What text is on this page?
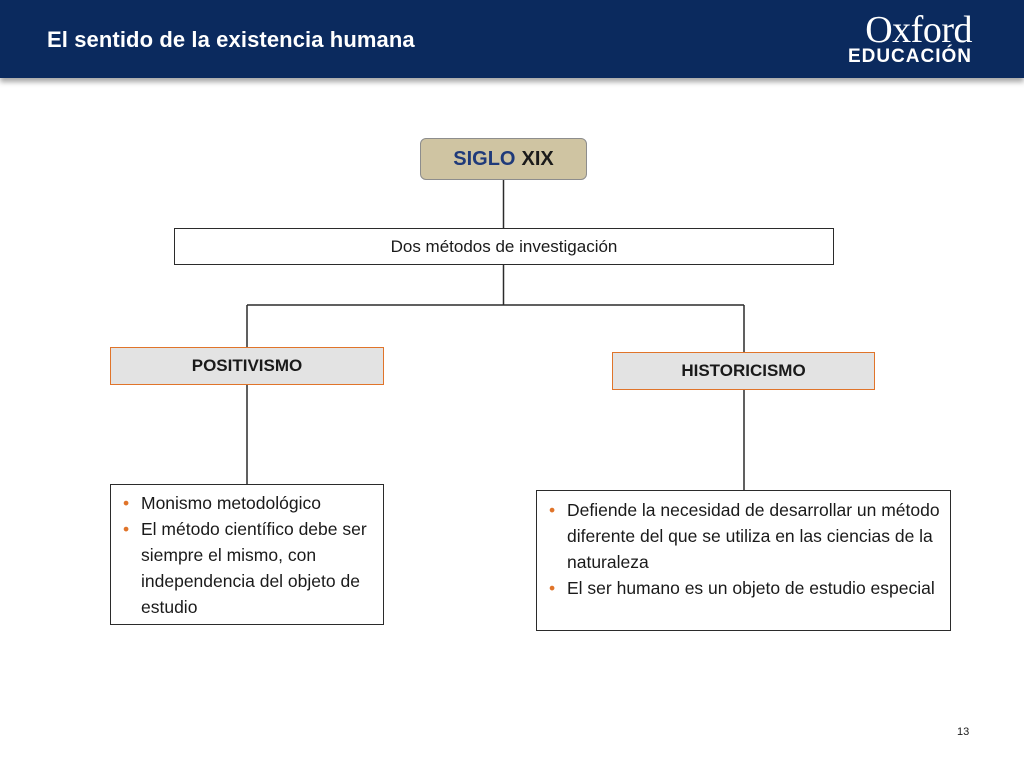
El sentido de la existencia humana	Oxford
EDUCACIÓN
SIGLO XIX
Dos métodos de investigación
POSITIVISMO	HISTORICISMO
• Monismo metodológico
• El método científico debe ser siempre el mismo, con independencia del objeto de estudio
• Defiende la necesidad de desarrollar un método diferente del que se utiliza en las ciencias de la naturaleza
• El ser humano es un objeto de estudio especial
13
